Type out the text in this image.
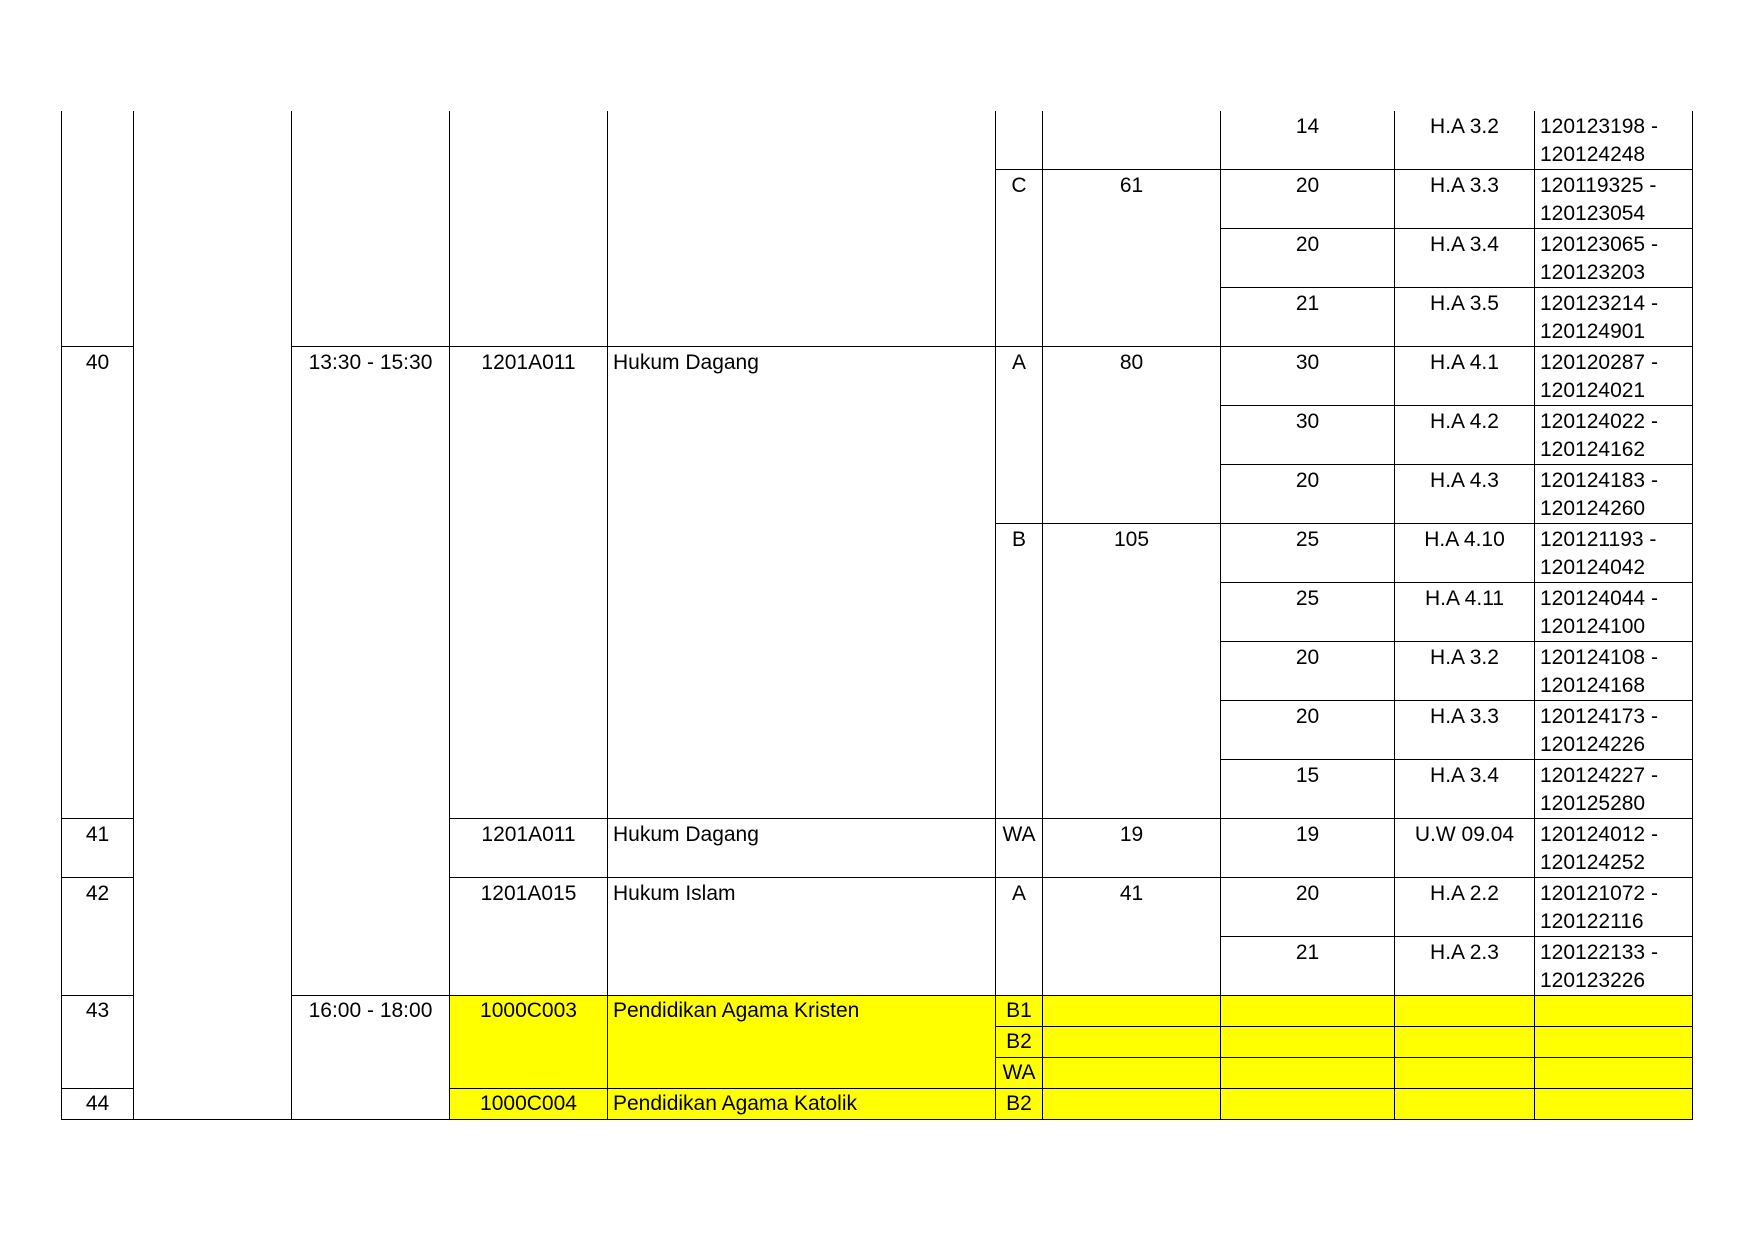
							14	H.A 3.2	120123198 - 120124248
					C	61	20	H.A 3.3	120119325 - 120123054
							20	H.A 3.4	120123065 - 120123203
							21	H.A 3.5	120123214 - 120124901
40		13:30 - 15:30	1201A011	Hukum Dagang	A	80	30	H.A 4.1	120120287 - 120124021
							30	H.A 4.2	120124022 - 120124162
							20	H.A 4.3	120124183 - 120124260
					B	105	25	H.A 4.10	120121193 - 120124042
							25	H.A 4.11	120124044 - 120124100
							20	H.A 3.2	120124108 - 120124168
							20	H.A 3.3	120124173 - 120124226
							15	H.A 3.4	120124227 - 120125280
41			1201A011	Hukum Dagang	WA	19	19	U.W 09.04	120124012 - 120124252
42			1201A015	Hukum Islam	A	41	20	H.A 2.2	120121072 - 120122116
							21	H.A 2.3	120122133 - 120123226
43		16:00 - 18:00	1000C003	Pendidikan Agama Kristen	B1				
					B2				
					WA				
44			1000C004	Pendidikan Agama Katolik	B2				
